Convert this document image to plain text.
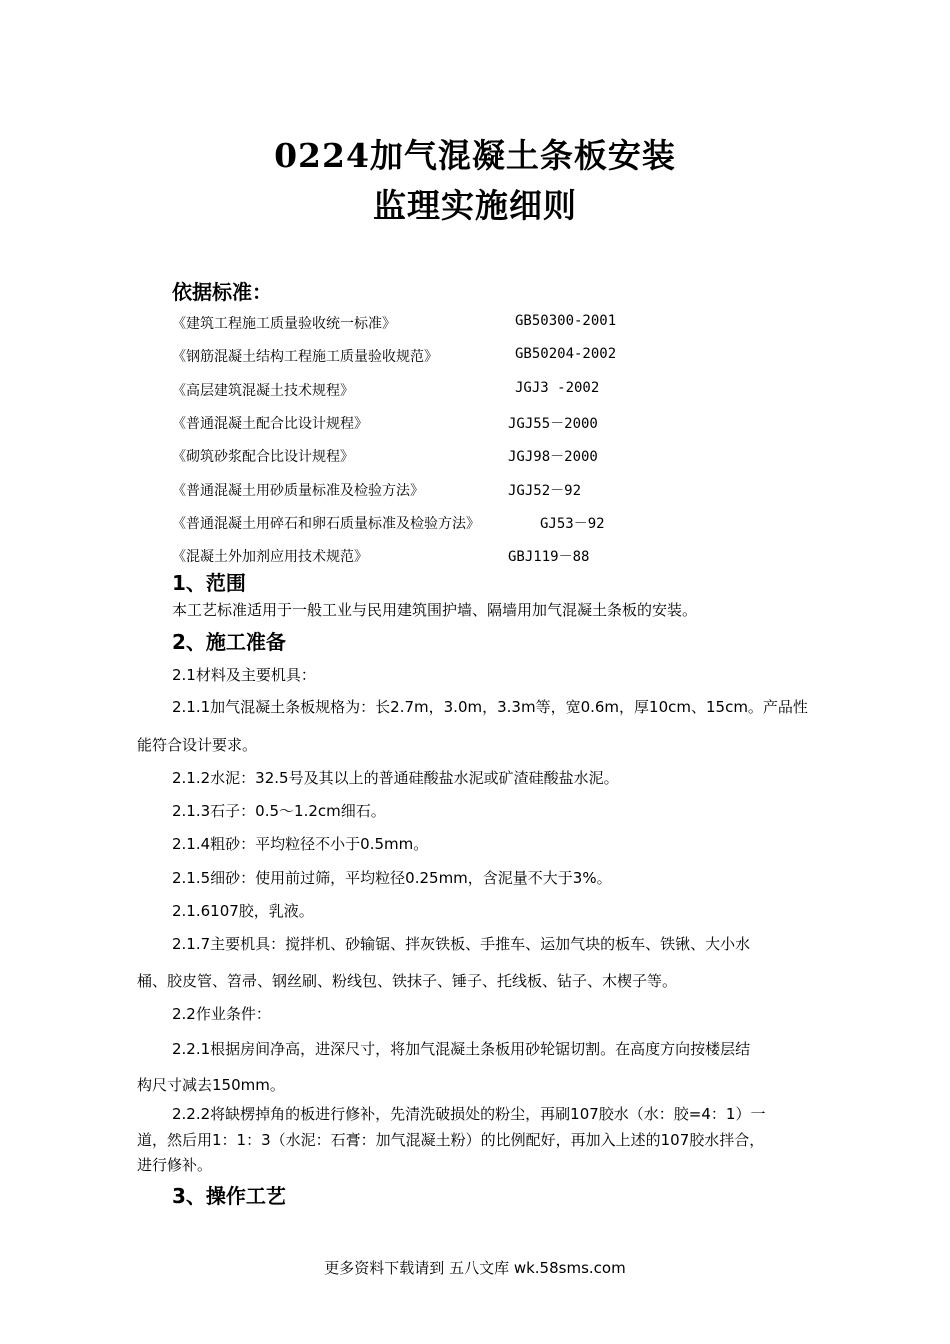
0224加气混凝土条板安装
监理实施细则
依据标准：
《建筑工程施工质量验收统一标准》	GB50300-2001
《钢筋混凝土结构工程施工质量验收规范》	GB50204-2002
《高层建筑混凝土技术规程》	JGJ3 -2002
《普通混凝土配合比设计规程》	JGJ55－2000
《砌筑砂浆配合比设计规程》	JGJ98－2000
《普通混凝土用砂质量标准及检验方法》	JGJ52－92
《普通混凝土用碎石和卵石质量标准及检验方法》	GJ53－92
《混凝土外加剂应用技术规范》	GBJ119－88
1、范围
本工艺标准适用于一般工业与民用建筑围护墙、隔墙用加气混凝土条板的安装。
2、施工准备
2.1材料及主要机具：
2.1.1加气混凝土条板规格为：长2.7m，3.0m，3.3m等，宽0.6m，厚10cm、15cm。产品性
能符合设计要求。
2.1.2水泥：32.5号及其以上的普通硅酸盐水泥或矿渣硅酸盐水泥。
2.1.3石子：0.5～1.2cm细石。
2.1.4粗砂：平均粒径不小于0.5mm。
2.1.5细砂：使用前过筛，平均粒径0.25mm，含泥量不大于3%。
2.1.6107胶，乳液。
2.1.7主要机具：搅拌机、砂输锯、拌灰铁板、手推车、运加气块的板车、铁锹、大小水
桶、胶皮管、笤帚、钢丝刷、粉线包、铁抹子、锤子、托线板、钻子、木楔子等。
2.2作业条件：
2.2.1根据房间净高，进深尺寸，将加气混凝土条板用砂轮锯切割。在高度方向按楼层结
构尺寸减去150mm。
2.2.2将缺楞掉角的板进行修补，先清洗破损处的粉尘，再刷107胶水（水：胶=4：1）一
道，然后用1：1：3（水泥：石膏：加气混凝土粉）的比例配好，再加入上述的107胶水拌合，
进行修补。
3、操作工艺
更多资料下载请到 五八文库 wk.58sms.com
